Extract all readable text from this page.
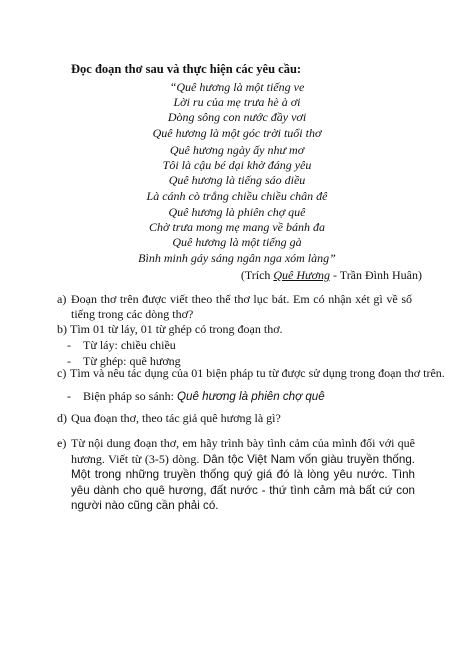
Đọc đoạn thơ sau và thực hiện các yêu cầu:
“Quê hương là một tiếng ve
Lời ru của mẹ trưa hè à ơi
Dòng sông con nước đầy vơi
Quê hương là một góc trời tuổi thơ
Quê hương ngày ấy như mơ
Tôi là cậu bé dại khờ đáng yêu
Quê hương là tiếng sáo diều
Là cánh cò trắng chiều chiều chân đê
Quê hương là phiên chợ quê
Chờ trưa mong mẹ mang về bánh đa
Quê hương là một tiếng gà
Bình minh gáy sáng ngân nga xóm làng”
(Trích Quê Hương - Trần Đình Huân)
a) Đoạn thơ trên được viết theo thể thơ lục bát. Em có nhận xét gì về số tiếng trong các dòng thơ?
b) Tìm 01 từ láy, 01 từ ghép có trong đoạn thơ.
- Từ láy: chiều chiều
- Từ ghép: quê hương
c) Tìm và nêu tác dụng của 01 biện pháp tu từ được sử dụng trong đoạn thơ trên.
- Biện pháp so sánh: Quê hương là phiên chợ quê
d) Qua đoạn thơ, theo tác giả quê hương là gì?
e) Từ nội dung đoạn thơ, em hãy trình bày tình cảm của mình đối với quê hương. Viết từ (3-5) dòng. Dân tộc Việt Nam vốn giàu truyền thống. Một trong những truyền thống quý giá đó là lòng yêu nước. Tình yêu dành cho quê hương, đất nước - thứ tình cảm mà bất cứ con người nào cũng cần phải có.
